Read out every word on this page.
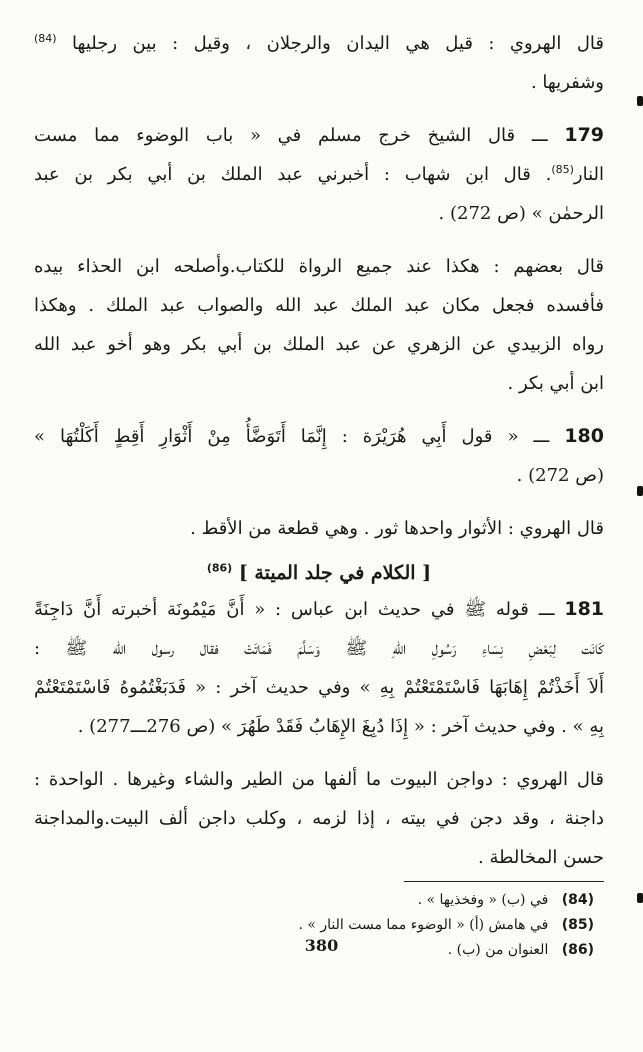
قال الهروي : قيل هي اليدان والرجلان ، وقيل : بين رجليها $^{(84)}$
وشفريها .
179 ـــ قال الشيخ خرج مسلم في « باب الوضوء مما مست
النار$^{(85)}$. قال ابن شهاب : أخبرني عبد الملك بن أبي بكر بن عبد
الرحمٰن » (ص 272) .
قال بعضهم : هكذا عند جميع الرواة للكتاب.وأصلحه ابن الحذاء بيده
فأفسده فجعل مكان عبد الملك عبد الله والصواب عبد الملك . وهكذا
رواه الزبيدي عن الزهري عن عبد الملك بن أبي بكر وهو أخو عبد الله
ابن أبي بكر .
180 ـــ « قول أَبِي هُرَيْرَة : إِنَّمَا أَتَوَضَّأُ مِنْ أَثْوَارِ أَقِطٍ أَكَلْتُهَا »
(ص 272) .
قال الهروي : الأثوار واحدها ثور . وهي قطعة من الأقط .
[ الكلام في جلد الميتة ] $^{(86)}$
181 ـــ قوله ﷺ في حديث ابن عباس : « أَنَّ مَيْمُونَة أخبرته أَنَّ دَاجِنَةً
كَانَت لِبَعْضِ نِسَاءِ رَسُولِ اللهِ ﷺ وَسَلَّمَ فَمَاتَتْ فقال رسول الله ﷺ :
أَلاَ أَخَذْتُمْ إِهَابَهَا فَاسْتَمْتَعْتُمْ بِهِ » وفي حديث آخر : « فَدَبَغْتُمُوهُ فَاسْتَمْتَعْتُمْ
بِهِ » . وفي حديث آخر : « إِذَا دُبِغَ الإِهَابُ فَقَدْ طَهُرَ » (ص 276ـــ277) .
قال الهروي : دواجن البيوت ما ألفها من الطير والشاء وغيرها . الواحدة :
داجنة ، وقد دجن في بيته ، إذا لزمه ، وكلب داجن ألف البيت.والمداجنة
حسن المخالطة .
(84)   في (ب) « وفخذيها » .
(85)   في هامش (أ) « الوضوء مما مست النار » .
(86)   العنوان من (ب) .
380
